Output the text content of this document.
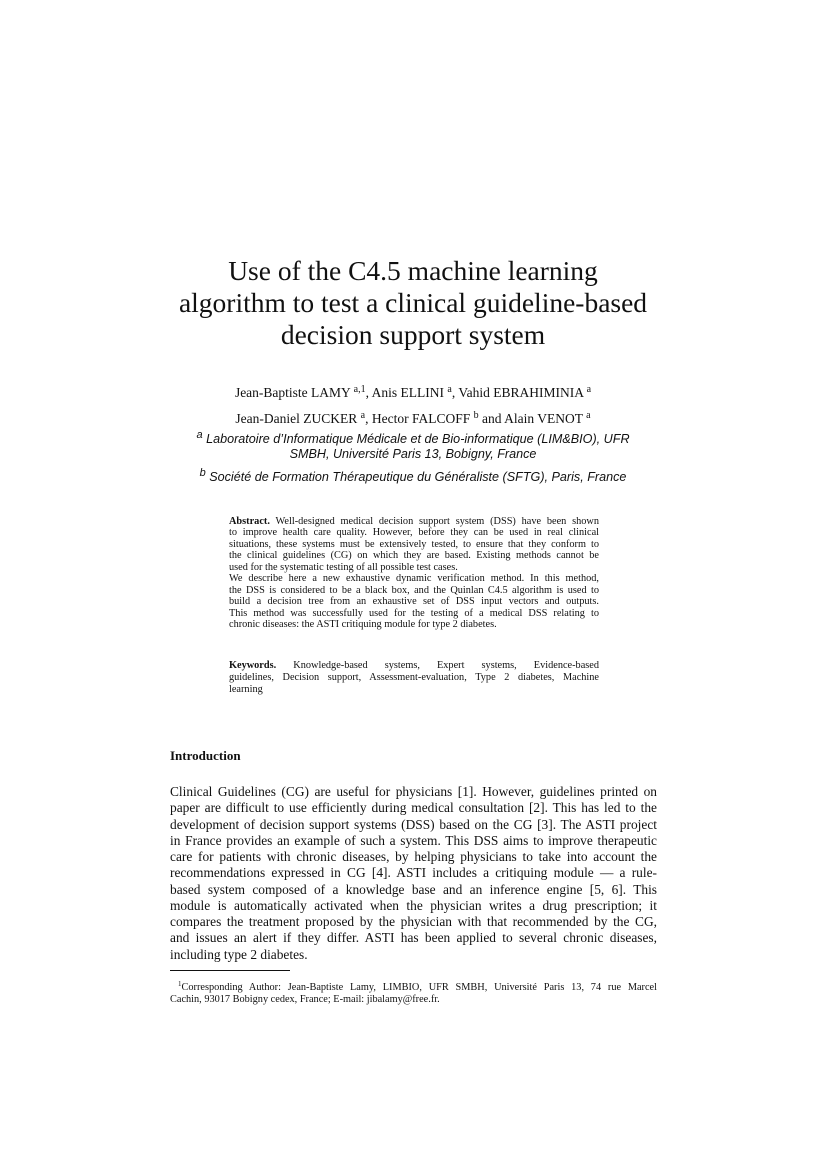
Use of the C4.5 machine learning
algorithm to test a clinical guideline-based
decision support system
Jean-Baptiste LAMY $^{a,1}$, Anis ELLINI $^a$, Vahid EBRAHIMINIA $^a$
Jean-Daniel ZUCKER $^a$, Hector FALCOFF $^b$ and Alain VENOT $^a$
$^a$ Laboratoire d’Informatique Médicale et de Bio-informatique (LIM&BIO), UFR
SMBH, Université Paris 13, Bobigny, France
$^b$ Société de Formation Thérapeutique du Généraliste (SFTG), Paris, France
Abstract. Well-designed medical decision support system (DSS) have been shown
to improve health care quality. However, before they can be used in real clinical
situations, these systems must be extensively tested, to ensure that they conform to
the clinical guidelines (CG) on which they are based. Existing methods cannot be
used for the systematic testing of all possible test cases.
We describe here a new exhaustive dynamic verification method. In this method,
the DSS is considered to be a black box, and the Quinlan C4.5 algorithm is used to
build a decision tree from an exhaustive set of DSS input vectors and outputs.
This method was successfully used for the testing of a medical DSS relating to
chronic diseases: the ASTI critiquing module for type 2 diabetes.
Keywords. Knowledge-based systems, Expert systems, Evidence-based
guidelines, Decision support, Assessment-evaluation, Type 2 diabetes, Machine
learning
Introduction
Clinical Guidelines (CG) are useful for physicians [1]. However, guidelines printed on
paper are difficult to use efficiently during medical consultation [2]. This has led to the
development of decision support systems (DSS) based on the CG [3]. The ASTI project
in France provides an example of such a system. This DSS aims to improve therapeutic
care for patients with chronic diseases, by helping physicians to take into account the
recommendations expressed in CG [4]. ASTI includes a critiquing module — a rule-
based system composed of a knowledge base and an inference engine [5, 6]. This
module is automatically activated when the physician writes a drug prescription; it
compares the treatment proposed by the physician with that recommended by the CG,
and issues an alert if they differ. ASTI has been applied to several chronic diseases,
including type 2 diabetes.
$^1$Corresponding Author: Jean-Baptiste Lamy, LIMBIO, UFR SMBH, Université Paris 13, 74 rue Marcel
Cachin, 93017 Bobigny cedex, France; E-mail: jibalamy@free.fr.
